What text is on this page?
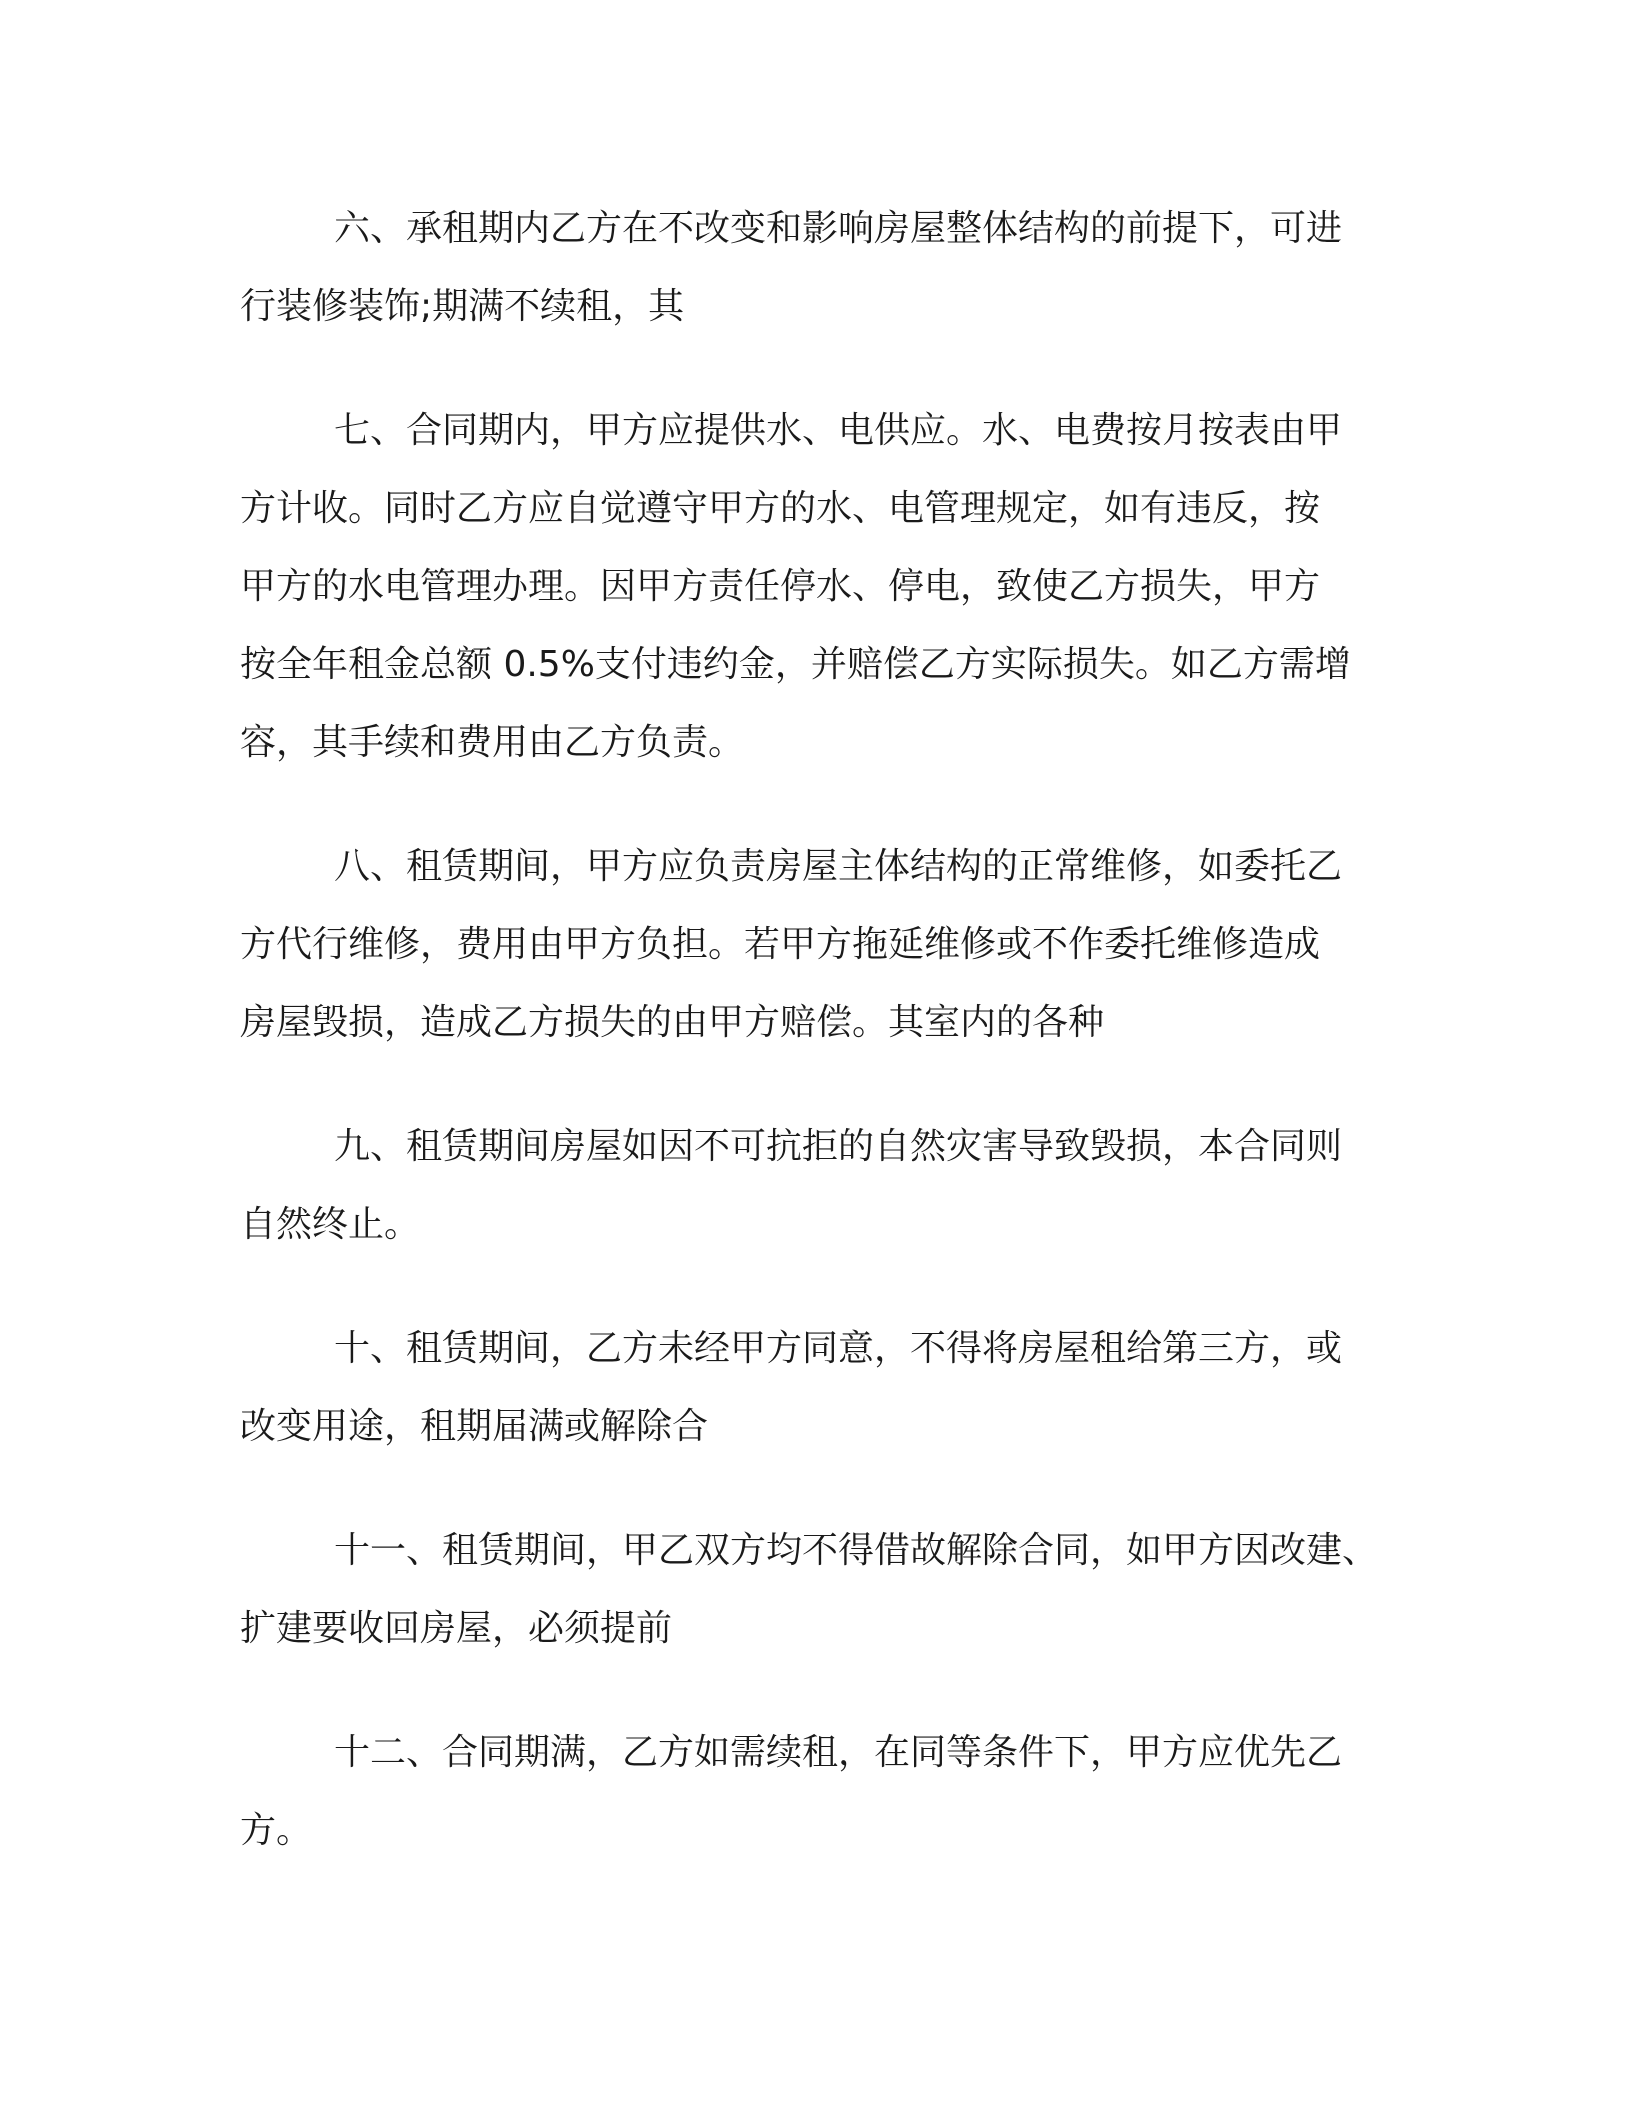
六、承租期内乙方在不改变和影响房屋整体结构的前提下，可进
行装修装饰;期满不续租，其
七、合同期内，甲方应提供水、电供应。水、电费按月按表由甲
方计收。同时乙方应自觉遵守甲方的水、电管理规定，如有违反，按
甲方的水电管理办理。因甲方责任停水、停电，致使乙方损失，甲方
按全年租金总额 0.5%支付违约金，并赔偿乙方实际损失。如乙方需增
容，其手续和费用由乙方负责。
八、租赁期间，甲方应负责房屋主体结构的正常维修，如委托乙
方代行维修，费用由甲方负担。若甲方拖延维修或不作委托维修造成
房屋毁损，造成乙方损失的由甲方赔偿。其室内的各种
九、租赁期间房屋如因不可抗拒的自然灾害导致毁损，本合同则
自然终止。
十、租赁期间，乙方未经甲方同意，不得将房屋租给第三方，或
改变用途，租期届满或解除合
十一、租赁期间，甲乙双方均不得借故解除合同，如甲方因改建、
扩建要收回房屋，必须提前
十二、合同期满，乙方如需续租，在同等条件下，甲方应优先乙
方。
